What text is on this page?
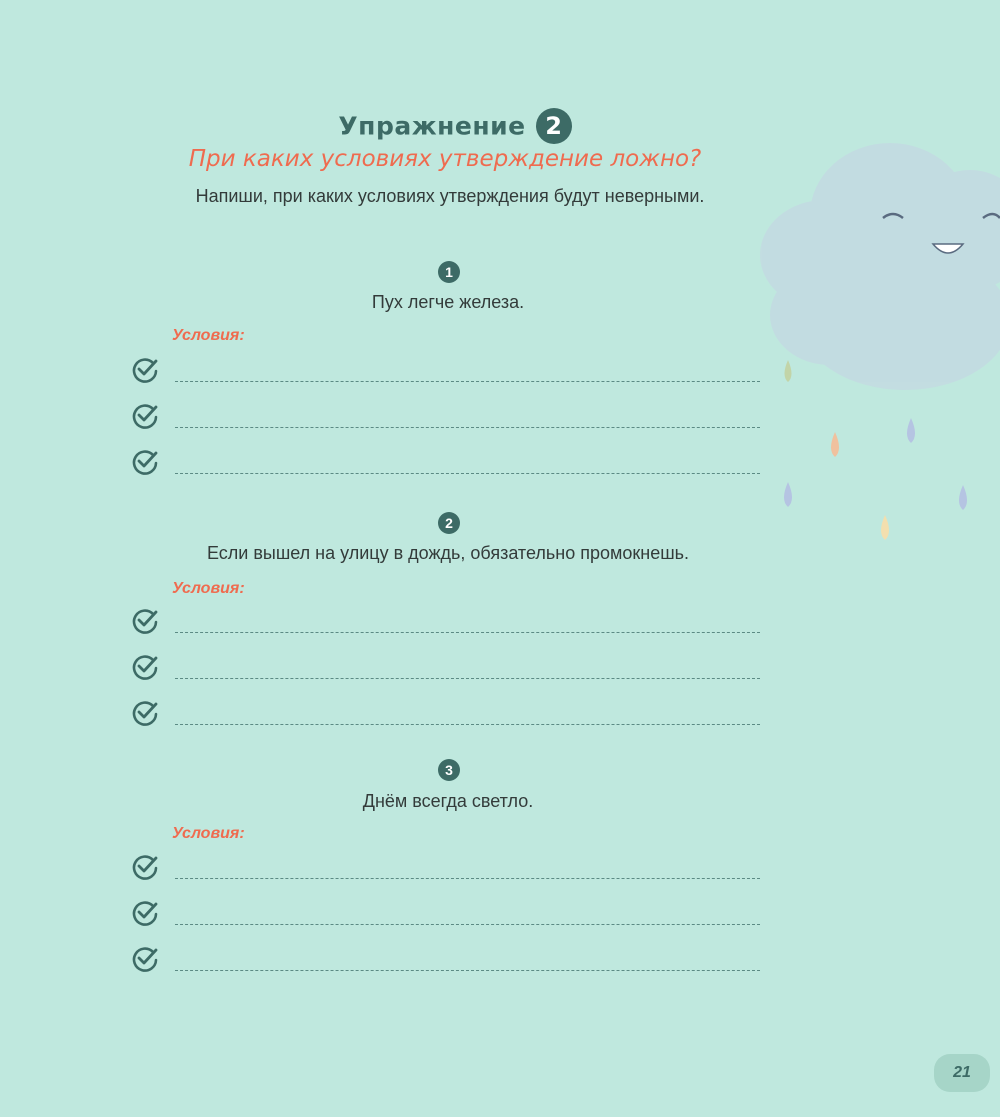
Упражнение 2
При каких условиях утверждение ложно?
Напиши, при каких условиях утверждения будут неверными.
1
Пух легче железа.
Условия:
2
Если вышел на улицу в дождь, обязательно промокнешь.
Условия:
3
Днём всегда светло.
Условия:
21
